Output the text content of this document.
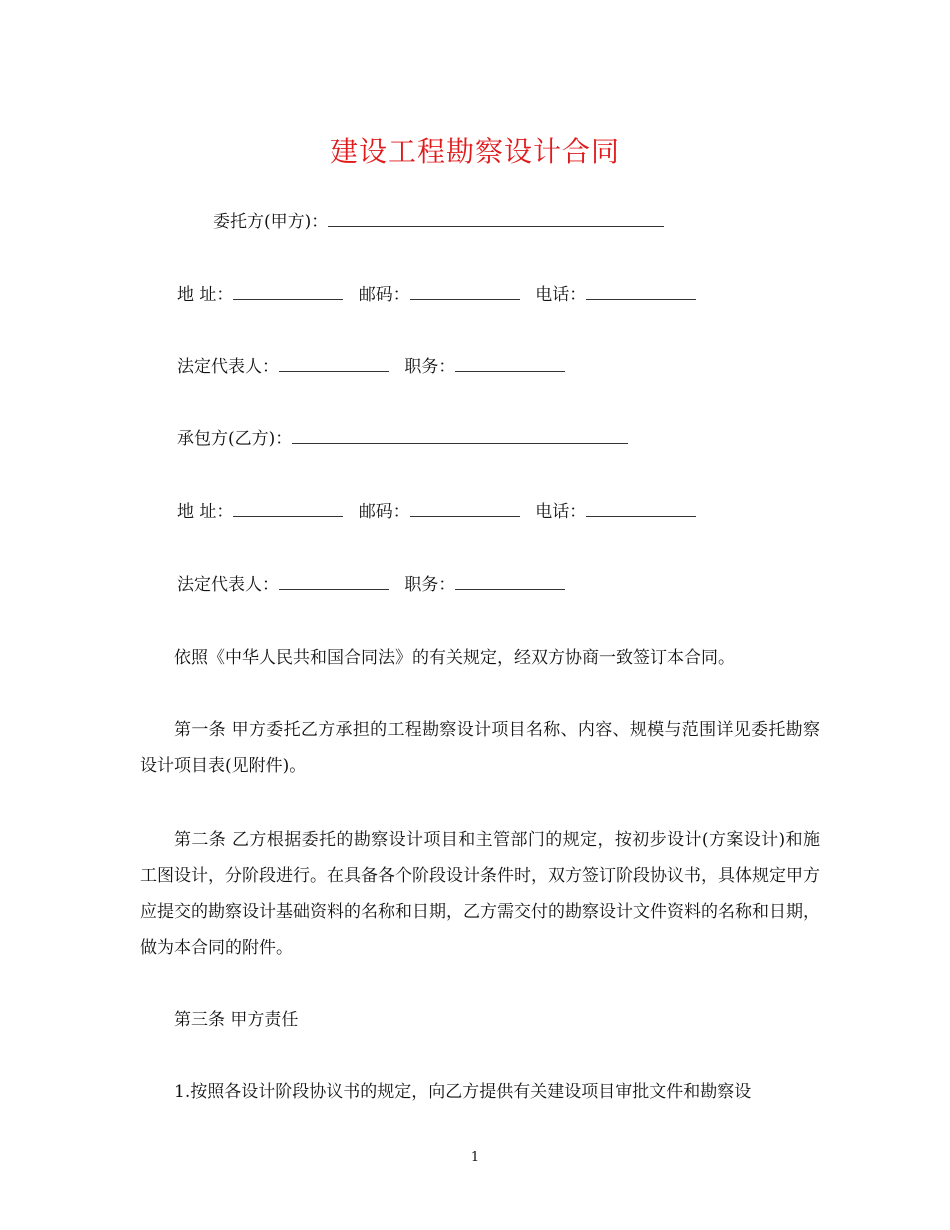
建设工程勘察设计合同
委托方(甲方)：
地 址：	邮码：	电话：
法定代表人：	职务：
承包方(乙方)：
地 址：	邮码：	电话：
法定代表人：	职务：
依照《中华人民共和国合同法》的有关规定，经双方协商一致签订本合同。
第一条 甲方委托乙方承担的工程勘察设计项目名称、内容、规模与范围详见委托勘察设计项目表(见附件)。
第二条 乙方根据委托的勘察设计项目和主管部门的规定，按初步设计(方案设计)和施工图设计，分阶段进行。在具备各个阶段设计条件时，双方签订阶段协议书，具体规定甲方应提交的勘察设计基础资料的名称和日期，乙方需交付的勘察设计文件资料的名称和日期，做为本合同的附件。
第三条 甲方责任
1.按照各设计阶段协议书的规定，向乙方提供有关建设项目审批文件和勘察设
1
